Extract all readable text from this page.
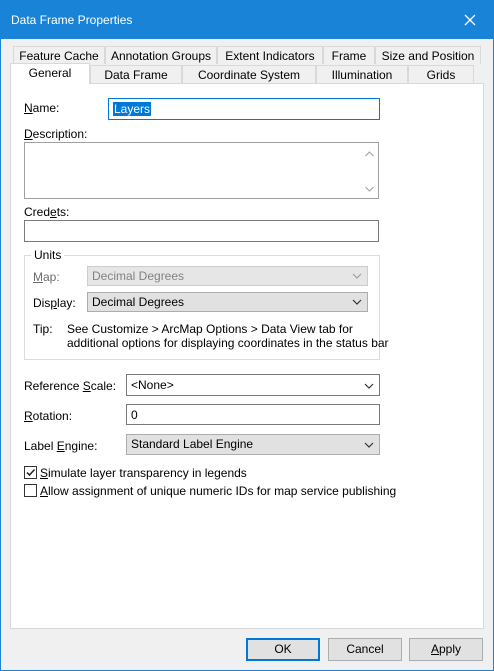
Data Frame Properties
Feature Cache	Annotation Groups	Extent Indicators	Frame	Size and Position
General	Data Frame	Coordinate System	Illumination	Grids
Name:	Layers
Description:
Credets:
Units
Map:	Decimal Degrees
Display:	Decimal Degrees
Tip: See Customize > ArcMap Options > Data View tab for
additional options for displaying coordinates in the status bar
Reference Scale:	<None>
Rotation:	0
Label Engine:	Standard Label Engine
Simulate layer transparency in legends
Allow assignment of unique numeric IDs for map service publishing
OK	Cancel	Apply
